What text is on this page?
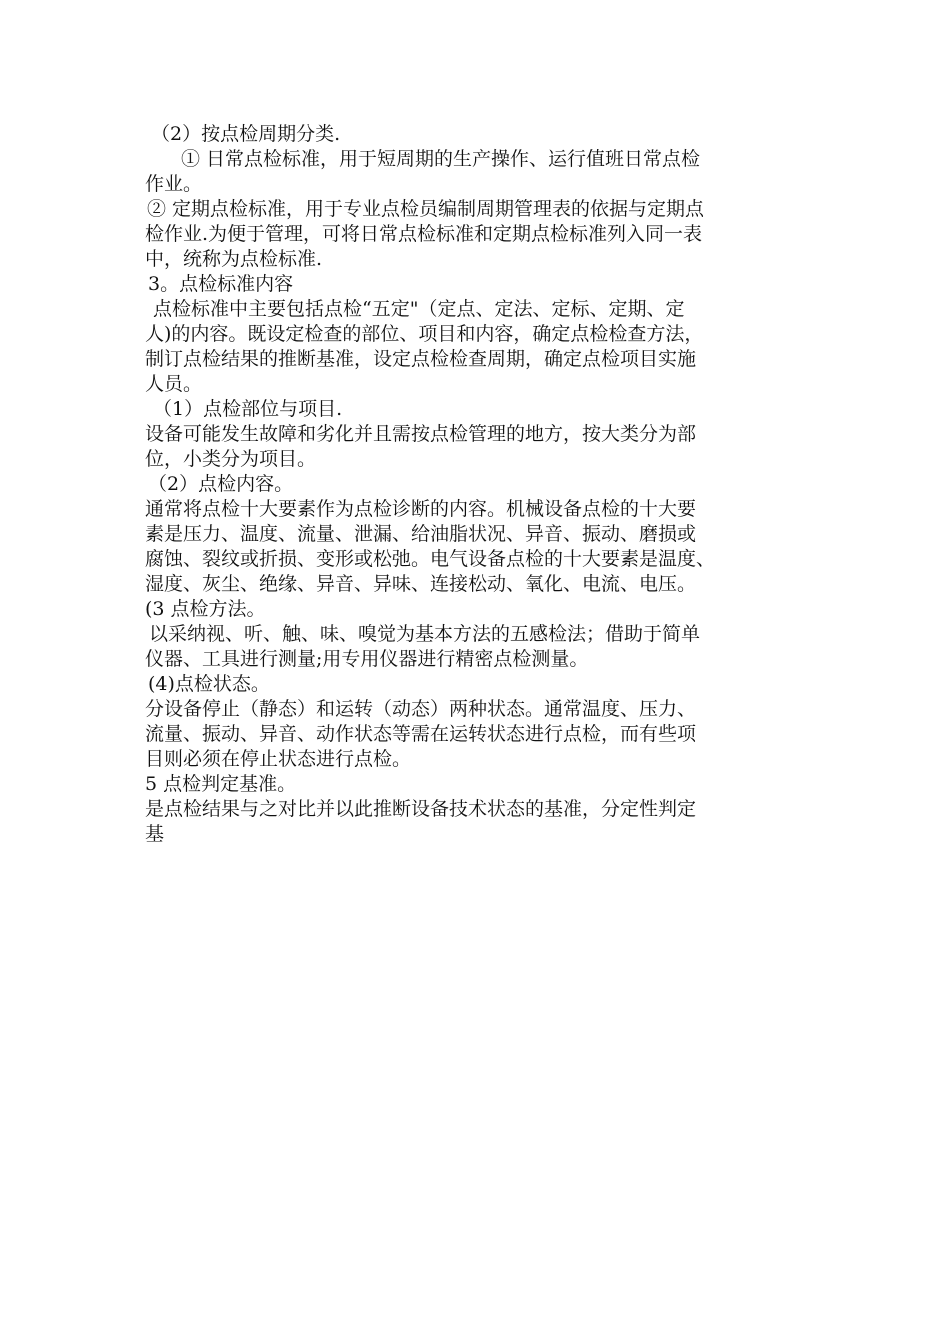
（2）按点检周期分类.

① 日常点检标准，用于短周期的生产操作、运行值班日常点检

作业。

② 定期点检标准，用于专业点检员编制周期管理表的依据与定期点

检作业.为便于管理，可将日常点检标准和定期点检标准列入同一表

中，统称为点检标准.

3。点检标准内容

点检标准中主要包括点检“五定"（定点、定法、定标、定期、定

人)的内容。既设定检查的部位、项目和内容，确定点检检查方法，

制订点检结果的推断基准，设定点检检查周期，确定点检项目实施

人员。

（1）点检部位与项目.

设备可能发生故障和劣化并且需按点检管理的地方，按大类分为部

位，小类分为项目。

（2）点检内容。

通常将点检十大要素作为点检诊断的内容。机械设备点检的十大要

素是压力、温度、流量、泄漏、给油脂状况、异音、振动、磨损或

腐蚀、裂纹或折损、变形或松弛。电气设备点检的十大要素是温度、

湿度、灰尘、绝缘、异音、异味、连接松动、氧化、电流、电压。

(3 点检方法。

以采纳视、听、触、味、嗅觉为基本方法的五感检法；借助于简单

仪器、工具进行测量;用专用仪器进行精密点检测量。

(4)点检状态。

分设备停止（静态）和运转（动态）两种状态。通常温度、压力、

流量、振动、异音、动作状态等需在运转状态进行点检，而有些项

目则必须在停止状态进行点检。

5 点检判定基准。

是点检结果与之对比并以此推断设备技术状态的基准，分定性判定

基
